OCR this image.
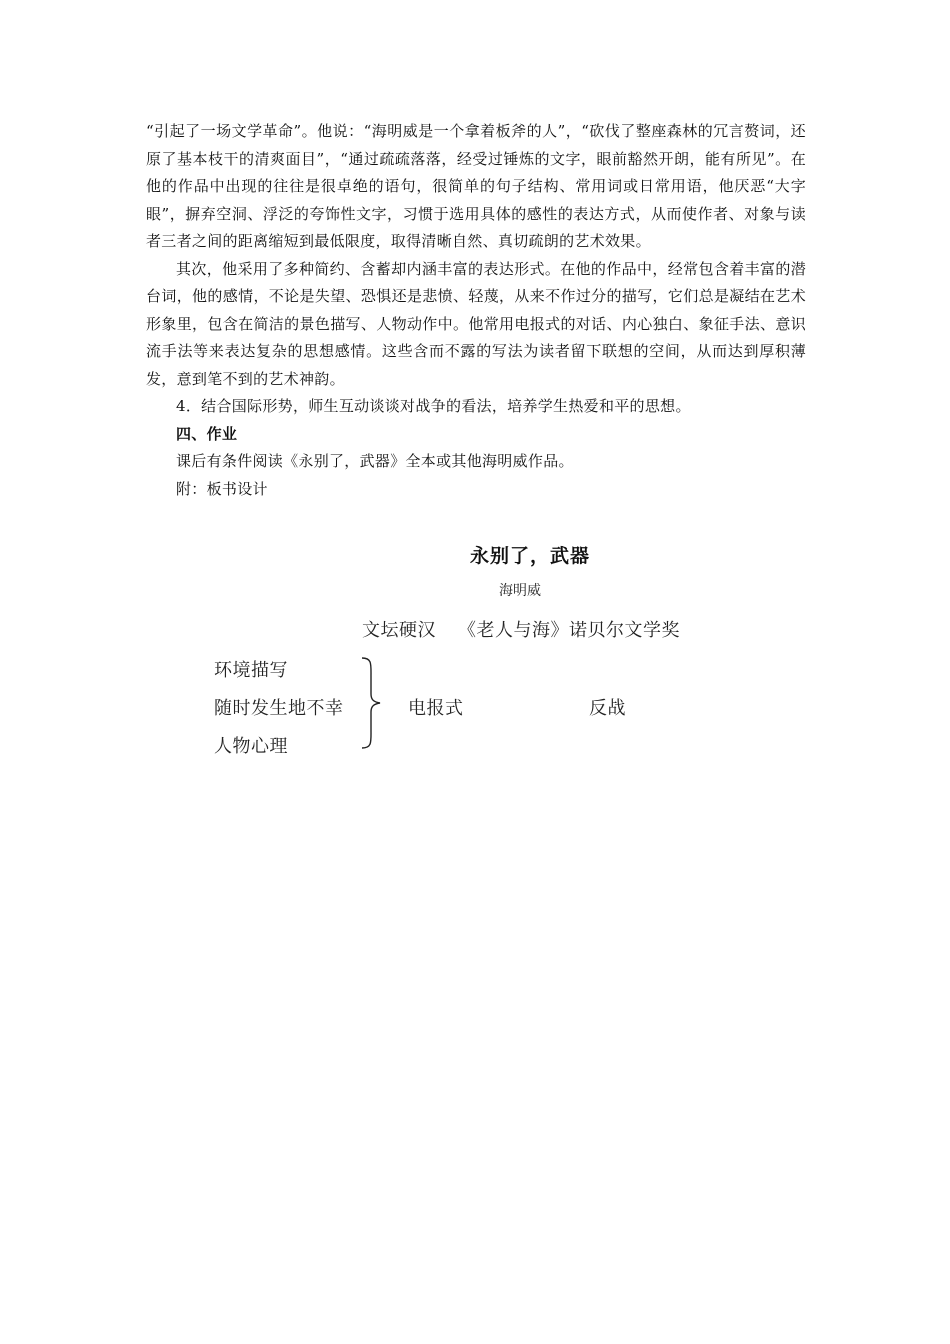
“引起了一场文学革命”。他说：“海明威是一个拿着板斧的人”，“砍伐了整座森林的冗言赘词，还原了基本枝干的清爽面目”，“通过疏疏落落，经受过锤炼的文字，眼前豁然开朗，能有所见”。在他的作品中出现的往往是很卓绝的语句，很简单的句子结构、常用词或日常用语，他厌恶“大字眼”，摒弃空洞、浮泛的夸饰性文字，习惯于选用具体的感性的表达方式，从而使作者、对象与读者三者之间的距离缩短到最低限度，取得清晰自然、真切疏朗的艺术效果。

其次，他采用了多种简约、含蓄却内涵丰富的表达形式。在他的作品中，经常包含着丰富的潜台词，他的感情，不论是失望、恐惧还是悲愤、轻蔑，从来不作过分的描写，它们总是凝结在艺术形象里，包含在简洁的景色描写、人物动作中。他常用电报式的对话、内心独白、象征手法、意识流手法等来表达复杂的思想感情。这些含而不露的写法为读者留下联想的空间，从而达到厚积薄发，意到笔不到的艺术神韵。

4．结合国际形势，师生互动谈谈对战争的看法，培养学生热爱和平的思想。

四、作业

课后有条件阅读《永别了，武器》全本或其他海明威作品。

附：板书设计

永别了，武器
海明威
文坛硬汉 《老人与海》诺贝尔文学奖
环境描写
随时发生地不幸
人物心理
电报式	反战
